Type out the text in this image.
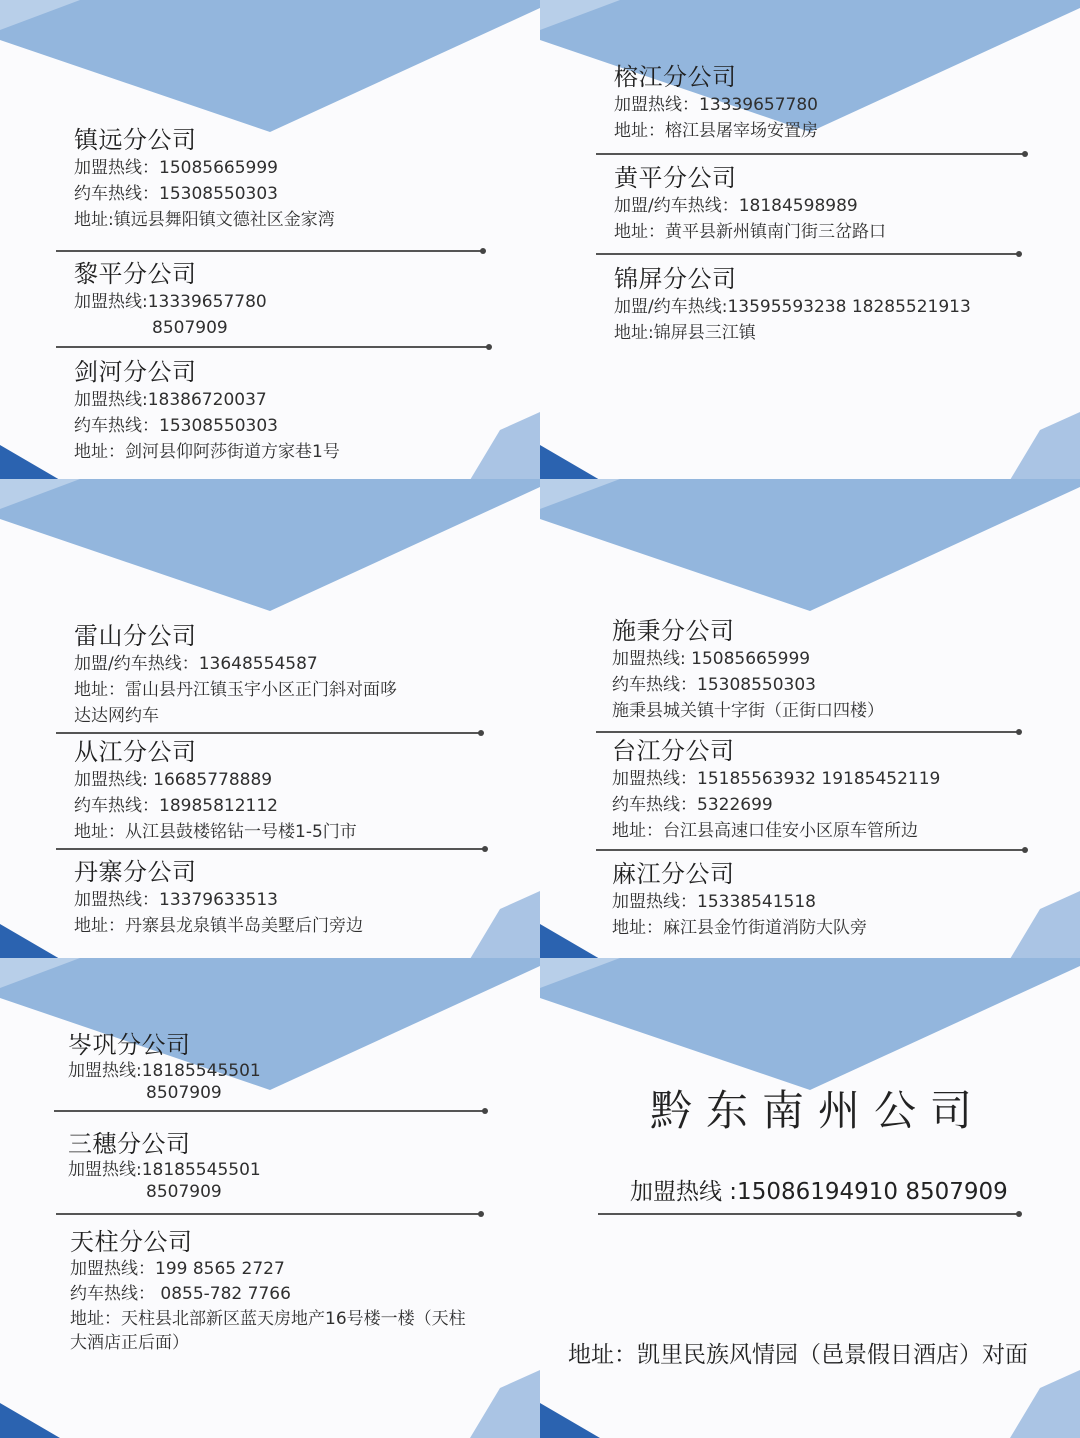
镇远分公司
加盟热线：15085665999
约车热线：15308550303
地址:镇远县舞阳镇文德社区金家湾
黎平分公司
加盟热线:13339657780
8507909
剑河分公司
加盟热线:18386720037
约车热线：15308550303
地址：剑河县仰阿莎街道方家巷1号
榕江分公司
加盟热线：13339657780
地址：榕江县屠宰场安置房
黄平分公司
加盟/约车热线：18184598989
地址：黄平县新州镇南门街三岔路口
锦屏分公司
加盟/约车热线:13595593238 18285521913
地址:锦屏县三江镇
雷山分公司
加盟/约车热线：13648554587
地址：雷山县丹江镇玉宇小区正门斜对面哆
达达网约车
从江分公司
加盟热线: 16685778889
约车热线：18985812112
地址：从江县鼓楼铭钻一号楼1-5门市
丹寨分公司
加盟热线：13379633513
地址：丹寨县龙泉镇半岛美墅后门旁边
施秉分公司
加盟热线: 15085665999
约车热线：15308550303
施秉县城关镇十字街（正街口四楼）
台江分公司
加盟热线：15185563932 19185452119
约车热线：5322699
地址：台江县高速口佳安小区原车管所边
麻江分公司
加盟热线：15338541518
地址：麻江县金竹街道消防大队旁
岑巩分公司
加盟热线:18185545501
8507909
三穗分公司
加盟热线:18185545501
8507909
天柱分公司
加盟热线：199 8565 2727
约车热线： 0855-782 7766
地址：天柱县北部新区蓝天房地产16号楼一楼（天柱大酒店正后面）
黔东南州公司
加盟热线 :15086194910 8507909
地址：凯里民族风情园（邑景假日酒店）对面
